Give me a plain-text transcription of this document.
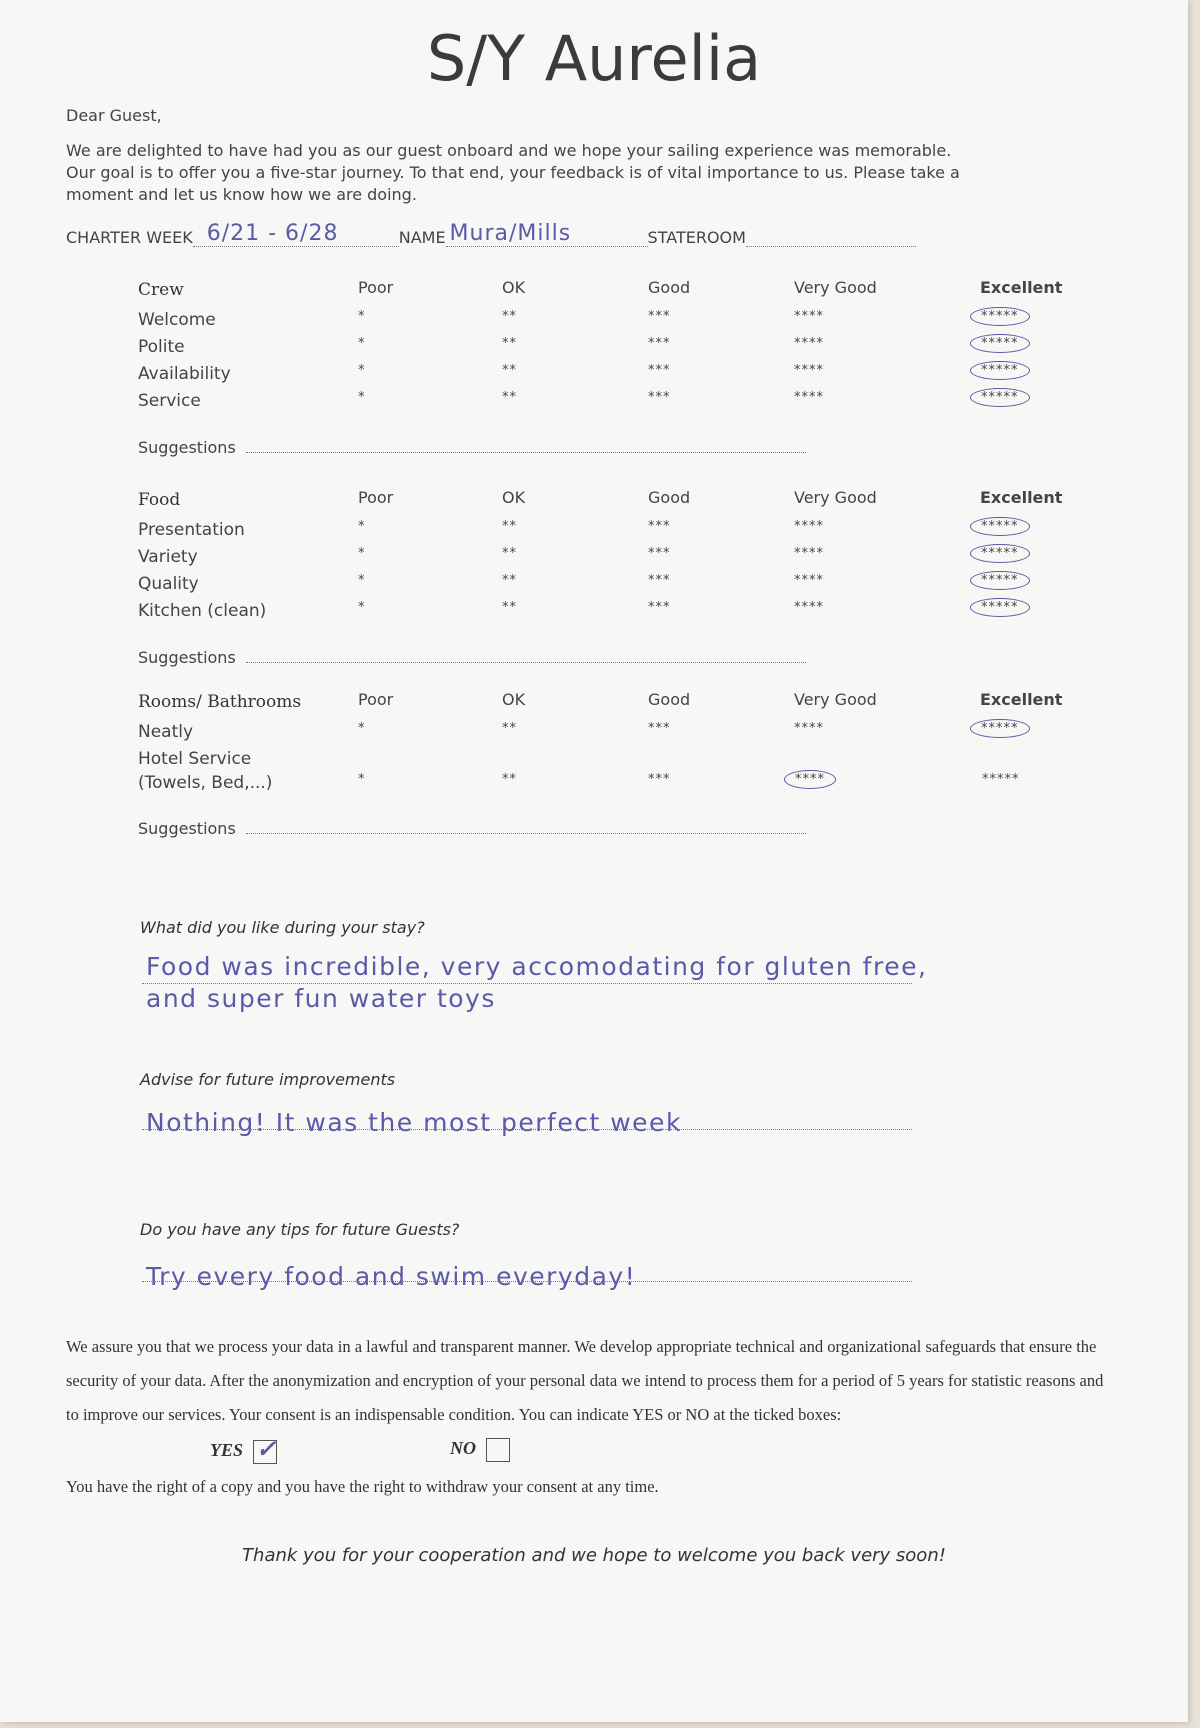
S/Y Aurelia
Dear Guest,
We are delighted to have had you as our guest onboard and we hope your sailing experience was memorable. Our goal is to offer you a five-star journey. To that end, your feedback is of vital importance to us. Please take a moment and let us know how we are doing.
CHARTER WEEK 6/21 - 6/28	NAME Mura/Mills	STATEROOM
What did you like during your stay?
Food was incredible, very accomodating for gluten free,
and super fun water toys
Advise for future improvements
Nothing! It was the most perfect week
Do you have any tips for future Guests?
Try every food and swim everyday!
We assure you that we process your data in a lawful and transparent manner. We develop appropriate technical and organizational safeguards that ensure the security of your data. After the anonymization and encryption of your personal data we intend to process them for a period of 5 years for statistic reasons and to improve our services. Your consent is an indispensable condition. You can indicate YES or NO at the ticked boxes:
YES ✓	NO
You have the right of a copy and you have the right to withdraw your consent at any time.
Thank you for your cooperation and we hope to welcome you back very soon!
Crew	Poor	OK	Good	Very Good	Excellent
Welcome	*	**	***	****	*****
Polite	*	**	***	****	*****
Availability	*	**	***	****	*****
Service	*	**	***	****	*****
Suggestions
Food	Poor	OK	Good	Very Good	Excellent
Presentation	*	**	***	****	*****
Variety	*	**	***	****	*****
Quality	*	**	***	****	*****
Kitchen (clean)	*	**	***	****	*****
Suggestions
Rooms/ Bathrooms	Poor	OK	Good	Very Good	Excellent
Neatly	*	**	***	****	*****
Hotel Service
(Towels, Bed,...)	*	**	***	****	*****
Suggestions
